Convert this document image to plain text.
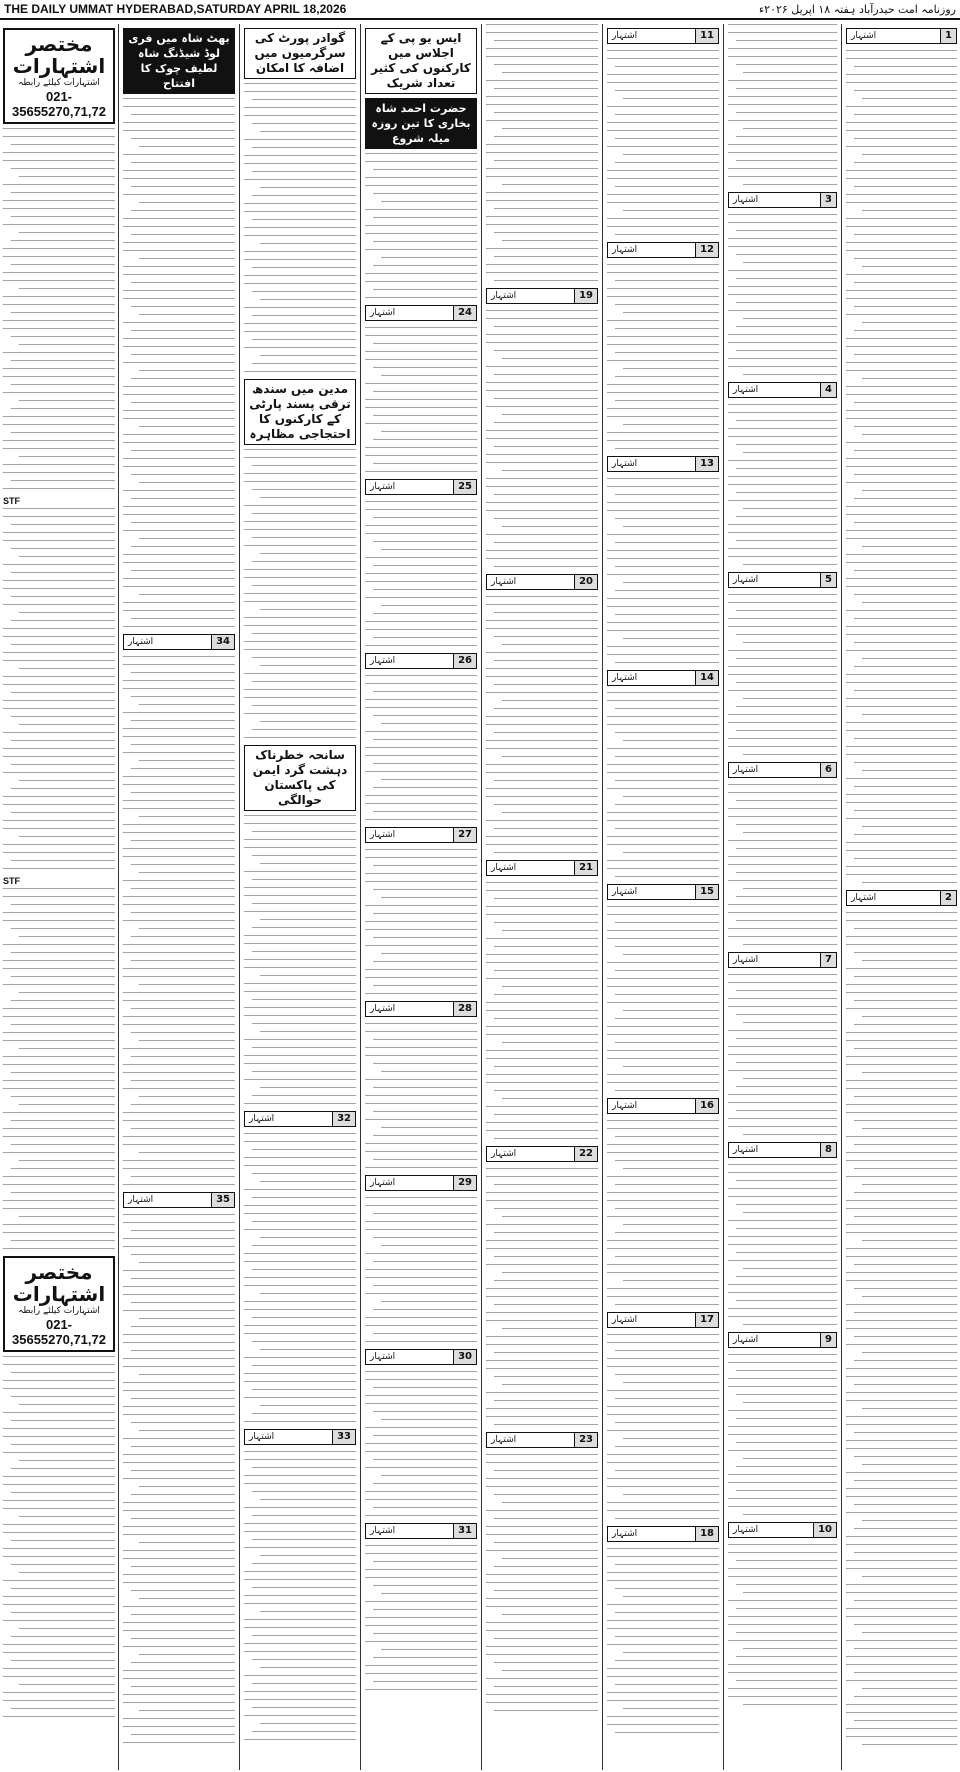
THE DAILY UMMAT HYDERABAD,SATURDAY APRIL 18,2026	روزنامہ امت حیدرآباد ہفتہ ۱۸ اپریل ۲۰۲۶ء
مختصر اشتہارات
اشتہارات کیلئے رابطہ
021-35655270,71,72
STF
STF
مختصر اشتہارات
اشتہارات کیلئے رابطہ
021-35655270,71,72
بھٹ شاہ میں فری لوڈ شیڈنگ شاہ لطیف چوک کا افتتاح
34
اشتہار
35
اشتہار
گوادر پورٹ کی سرگرمیوں میں اضافہ کا امکان
مدین میں سندھ ترقی پسند پارٹی کے کارکنوں کا احتجاجی مظاہرہ
سانحہ خطرناک دہشت گرد ایمن کی پاکستان حوالگی
32
اشتہار
33
اشتہار
ایس یو پی کے اجلاس میں کارکنوں کی کثیر تعداد شریک
حضرت احمد شاہ بخاری کا تین روزہ میلہ شروع
24
اشتہار
25
اشتہار
26
اشتہار
27
اشتہار
28
اشتہار
29
اشتہار
30
اشتہار
31
اشتہار
19
اشتہار
20
اشتہار
21
اشتہار
22
اشتہار
23
اشتہار
11
اشتہار
12
اشتہار
13
اشتہار
14
اشتہار
15
اشتہار
16
اشتہار
17
اشتہار
18
اشتہار
3
اشتہار
4
اشتہار
5
اشتہار
6
اشتہار
7
اشتہار
8
اشتہار
9
اشتہار
10
اشتہار
1
اشتہار
2
اشتہار
